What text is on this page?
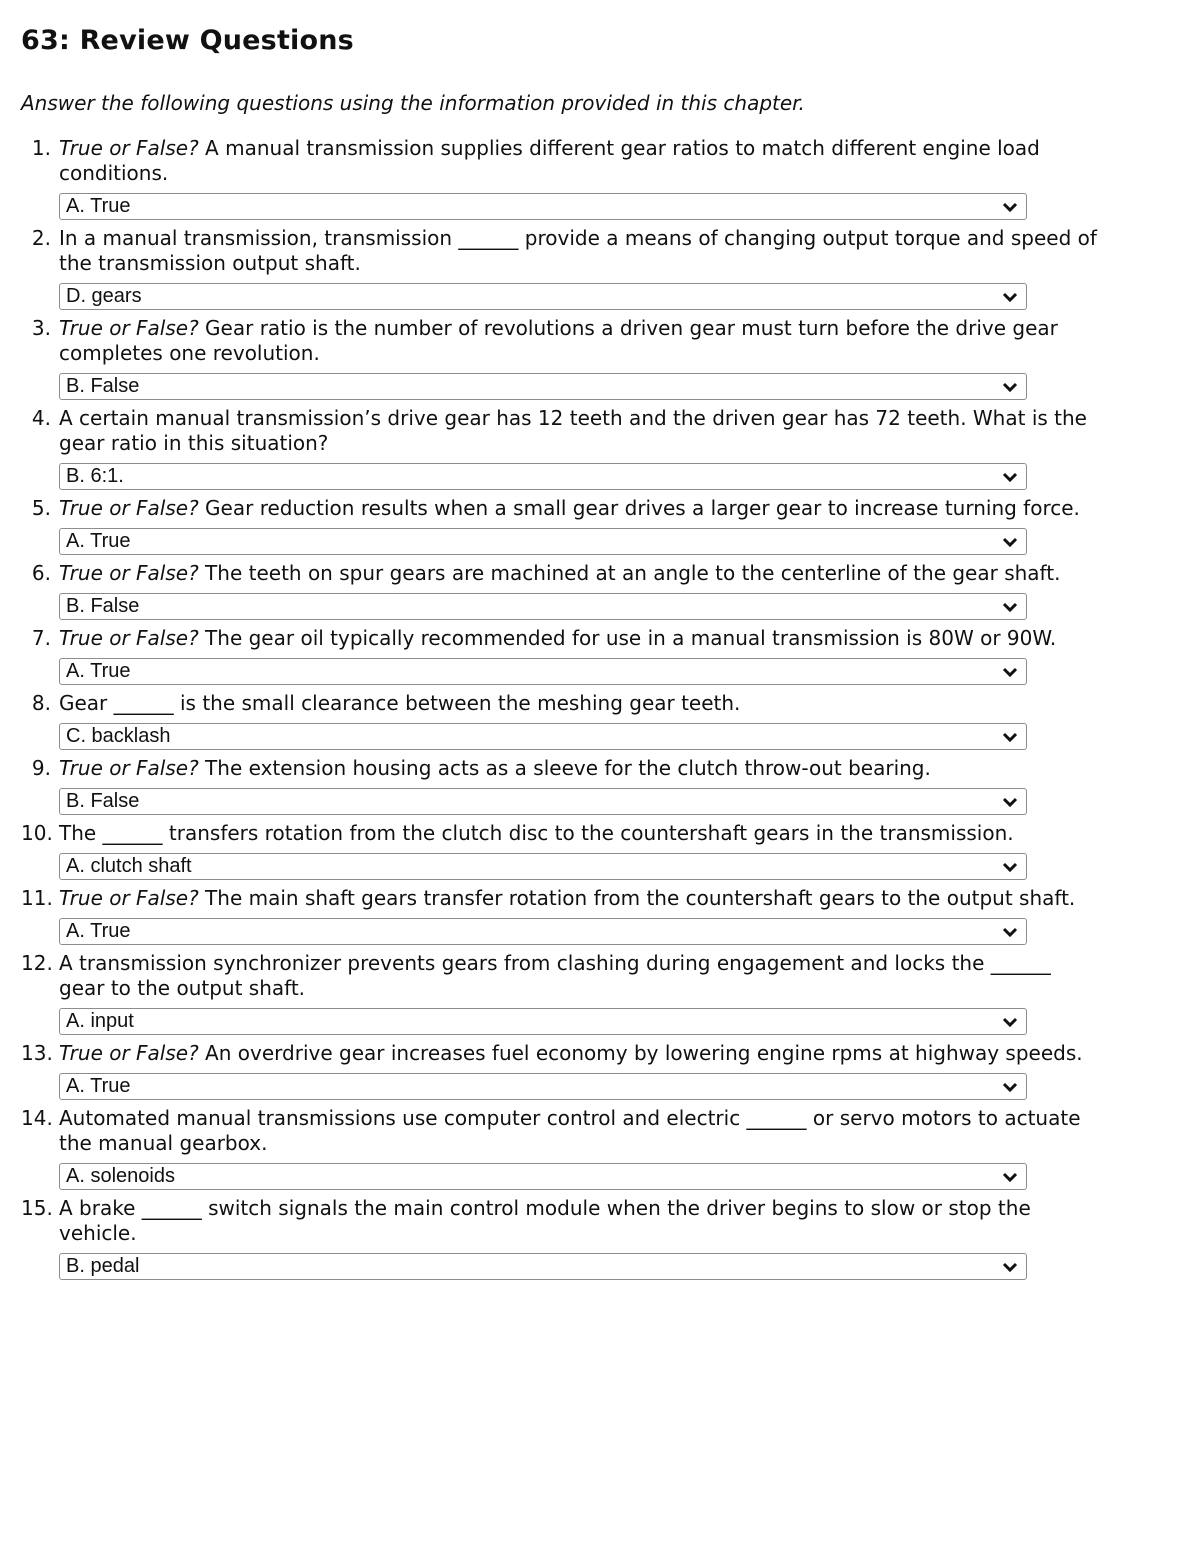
63: Review Questions
Answer the following questions using the information provided in this chapter.
1. True or False? A manual transmission supplies different gear ratios to match different engine load conditions.
A. True
2. In a manual transmission, transmission ______ provide a means of changing output torque and speed of the transmission output shaft.
D. gears
3. True or False? Gear ratio is the number of revolutions a driven gear must turn before the drive gear completes one revolution.
B. False
4. A certain manual transmission’s drive gear has 12 teeth and the driven gear has 72 teeth. What is the gear ratio in this situation?
B. 6:1.
5. True or False? Gear reduction results when a small gear drives a larger gear to increase turning force.
A. True
6. True or False? The teeth on spur gears are machined at an angle to the centerline of the gear shaft.
B. False
7. True or False? The gear oil typically recommended for use in a manual transmission is 80W or 90W.
A. True
8. Gear ______ is the small clearance between the meshing gear teeth.
C. backlash
9. True or False? The extension housing acts as a sleeve for the clutch throw-out bearing.
B. False
10. The ______ transfers rotation from the clutch disc to the countershaft gears in the transmission.
A. clutch shaft
11. True or False? The main shaft gears transfer rotation from the countershaft gears to the output shaft.
A. True
12. A transmission synchronizer prevents gears from clashing during engagement and locks the ______ gear to the output shaft.
A. input
13. True or False? An overdrive gear increases fuel economy by lowering engine rpms at highway speeds.
A. True
14. Automated manual transmissions use computer control and electric ______ or servo motors to actuate the manual gearbox.
A. solenoids
15. A brake ______ switch signals the main control module when the driver begins to slow or stop the vehicle.
B. pedal
